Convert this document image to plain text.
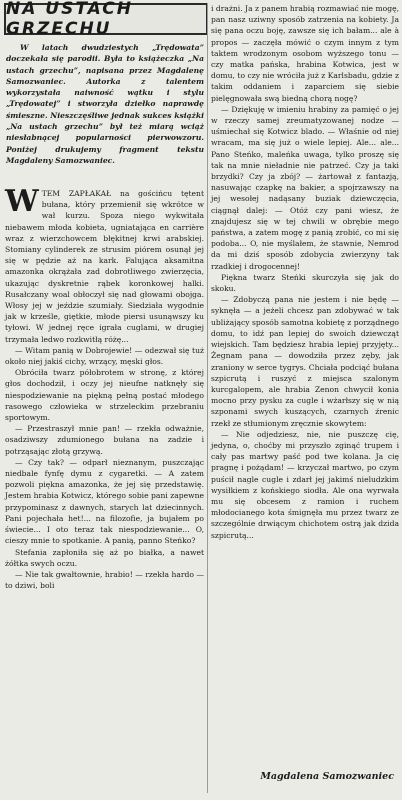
NA USTACH GRZECHU
W latach dwudziestych „Trędowata” doczekała się parodii. Była to książeczka „Na ustach grzechu”, napisana przez Magdalenę Samozwaniec. Autorka z talentem wykorzystała naiwność wątku i stylu „Trędowatej” i stworzyła dziełko naprawdę śmieszne. Nieszczęśliwe jednak sukces książki „Na ustach grzechu” był też miarą wciąż niesłabnącej popularności pierwowzoru. Poniżej drukujemy fragment tekstu Magdaleny Samozwaniec.

WTEM ZAPŁAKAŁ na gościńcu tętent bułana, który przemienił się wkrótce w wał kurzu. Spoza niego wykwitała niebawem młoda kobieta, ugniatająca en carrière wraz z wierzchowcem błękitnej krwi arabskiej. Stomiany cylinderek ze strusim piórem osunął jej się w pędzie aż na kark. Falująca aksamitna amazonka okrążała zad dobrotliwego zwierzęcia, ukazując dyskretnie rąbek koronkowej halki. Rusałczany woal obłoczył się nad głowami obojga. Włosy jej w jeździe szumiały. Siedziała wygodnie jak w krześle, giętkie, młode piersi usunąwszy ku tyłowi. W jednej ręce igrała cuglami, w drugiej trzymała ledwo rozkwitłą różę...

— Witam panią w Dobrojewie! — odezwał się tuż około niej jakiś cichy, wrzący, męski głos.

Obróciła twarz półobrotem w stronę, z której głos dochodził, i oczy jej nieufne natknęły się niespodziewanie na piękną pełną postać młodego rasowego człowieka w strzeleckim przebraniu sportowym.

— Przestraszył mnie pan! — rzekła odważnie, osadziwszy zdumionego bułana na zadzie i potrząsając złotą grzywą.

— Czy tak? — odparł nieznanym, puszczając niedbale fynfę dymu z cygaretki. — A zatem pozwoli pięknа amazonka, że jej się przedstawię. Jestem hrabia Kotwicz, którego sobie pani zapewne przypominasz z dawnych, starych lat dziecinnych. Pani pojechała het!... na filozofie, ja bujałem po świecie... I oto teraz tak niespodziewanie... O, cieszy mnie to spotkanie. A panią, panno Steńko?

Stefania zapłoniła się aż po białka, a nawet żółtka swych oczu.

— Nie tak gwałtownie, hrabio! — rzekła hardo — to dziwi, boli

i drażni. Ja z panem hrabią rozmawiać nie mogę, pan nasz uziwny sposób zatrzenia na kobiety. Ja się pana oczu boję, zawsze się ich bałam... ale à propos — zaczęła mówić o czym innym z tym taktem wrodzonym osobom wyższego tonu — czy matka pańska, hrabina Kotwica, jest w domu, to czy nie wróciła już z Karlsbadu, gdzie z takim oddaniem i zaparciem się siebie pielęgnowała swą biedną chorą nogę?

— Dziękuję w imieniu hrabiny za pamięć o jej w rzeczy samej zreumatyzowanej nodze — uśmiechał się Kotwicz blado. — Właśnie od niej wracam, ma się już o wiele lepiej. Ale... ale... Pano Steńko, maleńka uwaga, tylko proszę się tak na mnie nieładnie nie patrzeć. Czy ja taki brzydki? Czy ja zbój? — żartował z fantazją, nasuwając czapkę na bakier, a spojrzawszy na jej wesołej nadąsany buziak dziewczęcia, ciągnął dalej: — Otóż czy pani wiesz, że znajdujesz się w tej chwili w obrębie mego państwa, a zatem mogę z panią zrobić, co mi się podoba... O, nie myślałem, że stawnie, Nemrod da mi dziś sposób zdobycia zwierzyny tak rzadkiej i drogocennej!

Piękna twarz Steńki skurczyła się jak do skoku.

— Zdobyczą pana nie jestem i nie będę — syknęła — a jeżeli chcesz pan zdobywać w tak ubliżający sposób samotna kobietę z porządnego domu, to idź pan lepiej do swoich dziewcząt wiejskich. Tam będziesz hrabia lepiej przyjęty... Żegnam pana — dowodziła przez zęby, jak zraniony w serce tygrys. Chciała podciąć bułana szpicrutą i ruszyć z miejsca szalonym kurcgalopem, ale hrabia Zenon chwycił konia mocno przy pysku za cugle i wżarłszy się w nią szponami swych kuszących, czarnych źrenic rzekł ze stłumionym zręcznie skowytem:

— Nie odjedziesz, nie, nie puszczę cię, jedyna, o, choćby mi przyszło zginąć trupem i cały pas martwy paść pod twe kolana. Ja cię pragnę i pożądam! — krzyczał martwo, po czym puścił nagle cugle i zdarł jej jakimś nieludzkim wysiłkiem z końskiego siodła. Ale ona wyrwała mu się obcesem z ramion i ruchem młodocianego kota śmignęła mu przez twarz ze szczególnie drwiącym chichotem ostrą jak dzida szpicrutą...

Magdalena Samozwaniec
